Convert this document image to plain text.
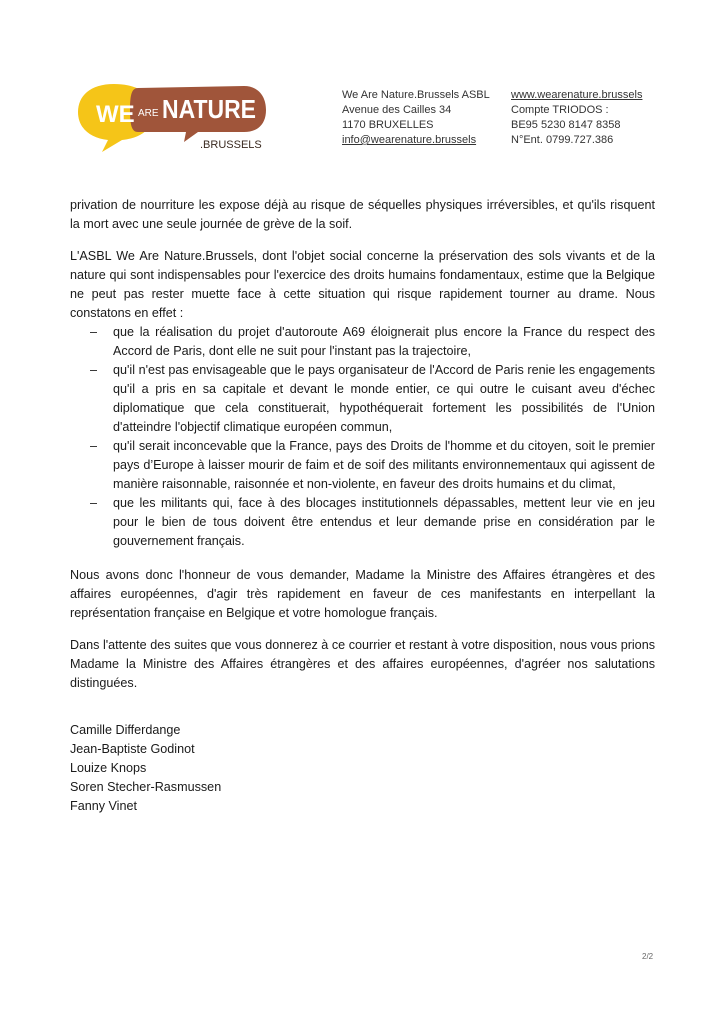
WE ARE NATURE
.BRUSSELS
We Are Nature.Brussels ASBL
Avenue des Cailles 34
1170 BRUXELLES
info@wearenature.brussels
www.wearenature.brussels
Compte TRIODOS :
BE95 5230 8147 8358
N°Ent. 0799.727.386
privation de nourriture les expose déjà au risque de séquelles physiques irréversibles, et qu'ils risquent la mort avec une seule journée de grève de la soif.
L'ASBL We Are Nature.Brussels, dont l'objet social concerne la préservation des sols vivants et de la nature qui sont indispensables pour l'exercice des droits humains fondamentaux, estime que la Belgique ne peut pas rester muette face à cette situation qui risque rapidement tourner au drame. Nous constatons en effet :
– que la réalisation du projet d'autoroute A69 éloignerait plus encore la France du respect des Accord de Paris, dont elle ne suit pour l'instant pas la trajectoire,
– qu'il n'est pas envisageable que le pays organisateur de l'Accord de Paris renie les engagements qu'il a pris en sa capitale et devant le monde entier, ce qui outre le cuisant aveu d'échec diplomatique que cela constituerait, hypothéquerait fortement les possibilités de l'Union d'atteindre l'objectif climatique européen commun,
– qu'il serait inconcevable que la France, pays des Droits de l'homme et du citoyen, soit le premier pays d’Europe à laisser mourir de faim et de soif des militants environnementaux qui agissent de manière raisonnable, raisonnée et non-violente, en faveur des droits humains et du climat,
– que les militants qui, face à des blocages institutionnels dépassables, mettent leur vie en jeu pour le bien de tous doivent être entendus et leur demande prise en considération par le gouvernement français.
Nous avons donc l'honneur de vous demander, Madame la Ministre des Affaires étrangères et des affaires européennes, d'agir très rapidement en faveur de ces manifestants en interpellant la représentation française en Belgique et votre homologue français.
Dans l'attente des suites que vous donnerez à ce courrier et restant à votre disposition, nous vous prions Madame la Ministre des Affaires étrangères et des affaires européennes, d'agréer nos salutations distinguées.
Camille Differdange
Jean-Baptiste Godinot
Louize Knops
Soren Stecher-Rasmussen
Fanny Vinet
2/2
